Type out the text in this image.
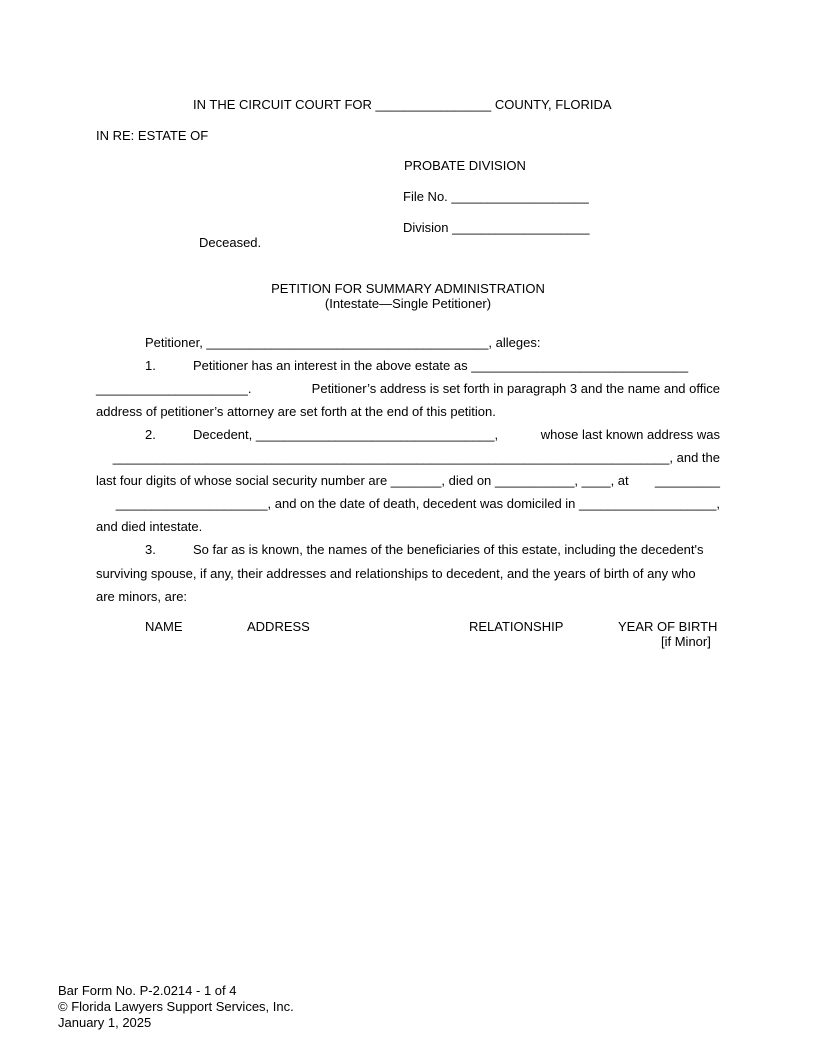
IN THE CIRCUIT COURT FOR ________________ COUNTY, FLORIDA
IN RE: ESTATE OF
PROBATE DIVISION
File No. ___________________
Division ___________________
Deceased.
PETITION FOR SUMMARY ADMINISTRATION
(Intestate—Single Petitioner)
Petitioner, _______________________________________, alleges:
1.	Petitioner has an interest in the above estate as ______________________________
_____________________.	Petitioner’s address is set forth in paragraph 3 and the name and office
address of petitioner’s attorney are set forth at the end of this petition.
2.	Decedent, _________________________________,	whose last known address was
_____________________________________________________________________________, and the
last four digits of whose social security number are _______, died on ___________, ____, at _________
_____________________, and on the date of death, decedent was domiciled in ___________________,
and died intestate.
3.	So far as is known, the names of the beneficiaries of this estate, including the decedent's
surviving spouse, if any, their addresses and relationships to decedent, and the years of birth of any who
are minors, are:
NAME	ADDRESS	RELATIONSHIP	YEAR OF BIRTH
[if Minor]
Bar Form No. P-2.0214 - 1 of 4
© Florida Lawyers Support Services, Inc.
January 1, 2025
